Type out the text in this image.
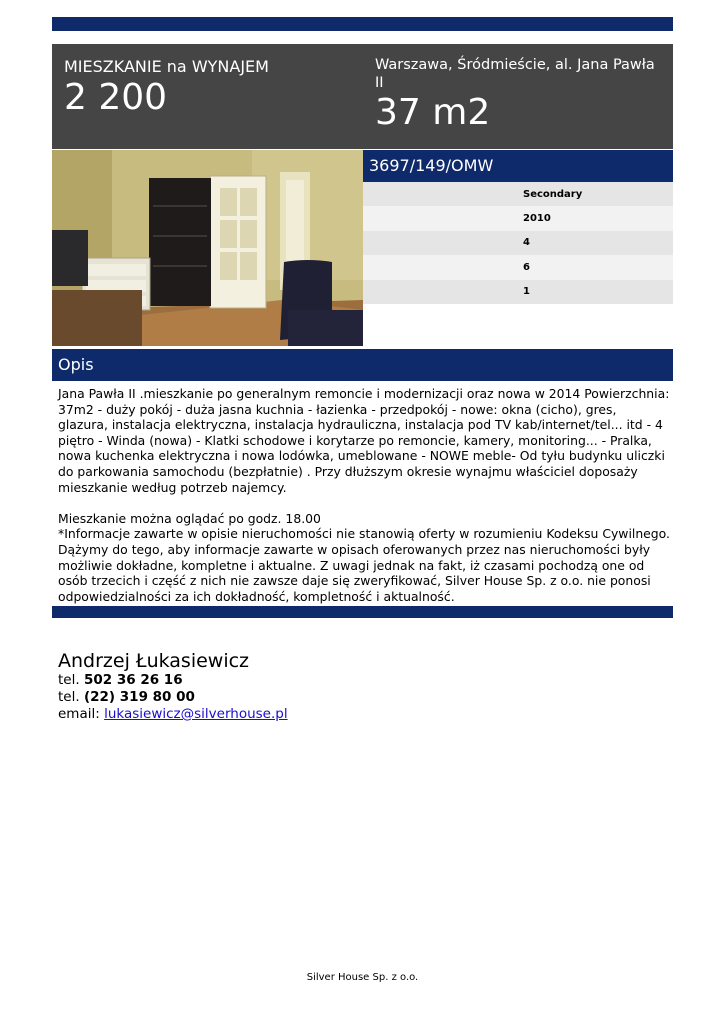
MIESZKANIE na WYNAJEM
2 200
Warszawa, Śródmieście, al. Jana Pawła II
37 m2
3697/149/OMW
Secondary
2010
4
6
1
Opis

Jana Pawła II .mieszkanie po generalnym remoncie i modernizacji oraz nowa w 2014 Powierzchnia: 37m2 - duży pokój - duża jasna kuchnia - łazienka - przedpokój - nowe: okna (cicho), gres, glazura, instalacja elektryczna, instalacja hydrauliczna, instalacja pod TV kab/internet/tel... itd - 4 piętro - Winda (nowa) - Klatki schodowe i korytarze po remoncie, kamery, monitoring... - Pralka, nowa kuchenka elektryczna i nowa lodówka, umeblowane - NOWE meble- Od tyłu budynku uliczki do parkowania samochodu (bezpłatnie) . Przy dłuższym okresie wynajmu właściciel doposaży mieszkanie według potrzeb najemcy.

Mieszkanie można oglądać po godz. 18.00

*Informacje zawarte w opisie nieruchomości nie stanowią oferty w rozumieniu Kodeksu Cywilnego. Dążymy do tego, aby informacje zawarte w opisach oferowanych przez nas nieruchomości były możliwie dokładne, kompletne i aktualne. Z uwagi jednak na fakt, iż czasami pochodzą one od osób trzecich i część z nich nie zawsze daje się zweryfikować, Silver House Sp. z o.o. nie ponosi odpowiedzialności za ich dokładność, kompletność i aktualność.

Andrzej Łukasiewicz
tel. 502 36 26 16
tel. (22) 319 80 00
email: lukasiewicz@silverhouse.pl
Silver House Sp. z o.o.
